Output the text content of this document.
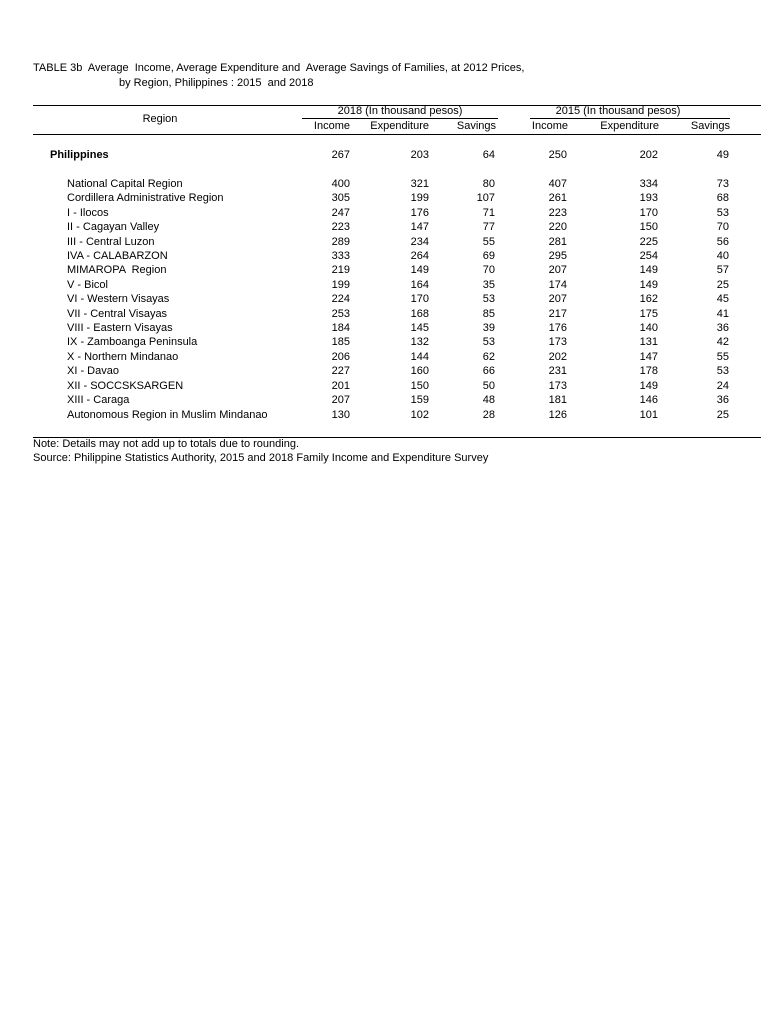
TABLE 3b  Average  Income, Average Expenditure and  Average Savings of Families, at 2012 Prices,
by Region, Philippines : 2015  and 2018
Region
2018 (In thousand pesos)	2015 (In thousand pesos)
Income	Expenditure	Savings	Income	Expenditure	Savings
Philippines	267	203	64	250	202	49

National Capital Region	400	321	80	407	334	73
Cordillera Administrative Region	305	199	107	261	193	68
I - Ilocos	247	176	71	223	170	53
II - Cagayan Valley	223	147	77	220	150	70
III - Central Luzon	289	234	55	281	225	56
IVA - CALABARZON	333	264	69	295	254	40
MIMAROPA  Region	219	149	70	207	149	57
V - Bicol	199	164	35	174	149	25
VI - Western Visayas	224	170	53	207	162	45
VII - Central Visayas	253	168	85	217	175	41
VIII - Eastern Visayas	184	145	39	176	140	36
IX - Zamboanga Peninsula	185	132	53	173	131	42
X - Northern Mindanao	206	144	62	202	147	55
XI - Davao	227	160	66	231	178	53
XII - SOCCSKSARGEN	201	150	50	173	149	24
XIII - Caraga	207	159	48	181	146	36
Autonomous Region in Muslim Mindanao	130	102	28	126	101	25
Note: Details may not add up to totals due to rounding.
Source: Philippine Statistics Authority, 2015 and 2018 Family Income and Expenditure Survey
